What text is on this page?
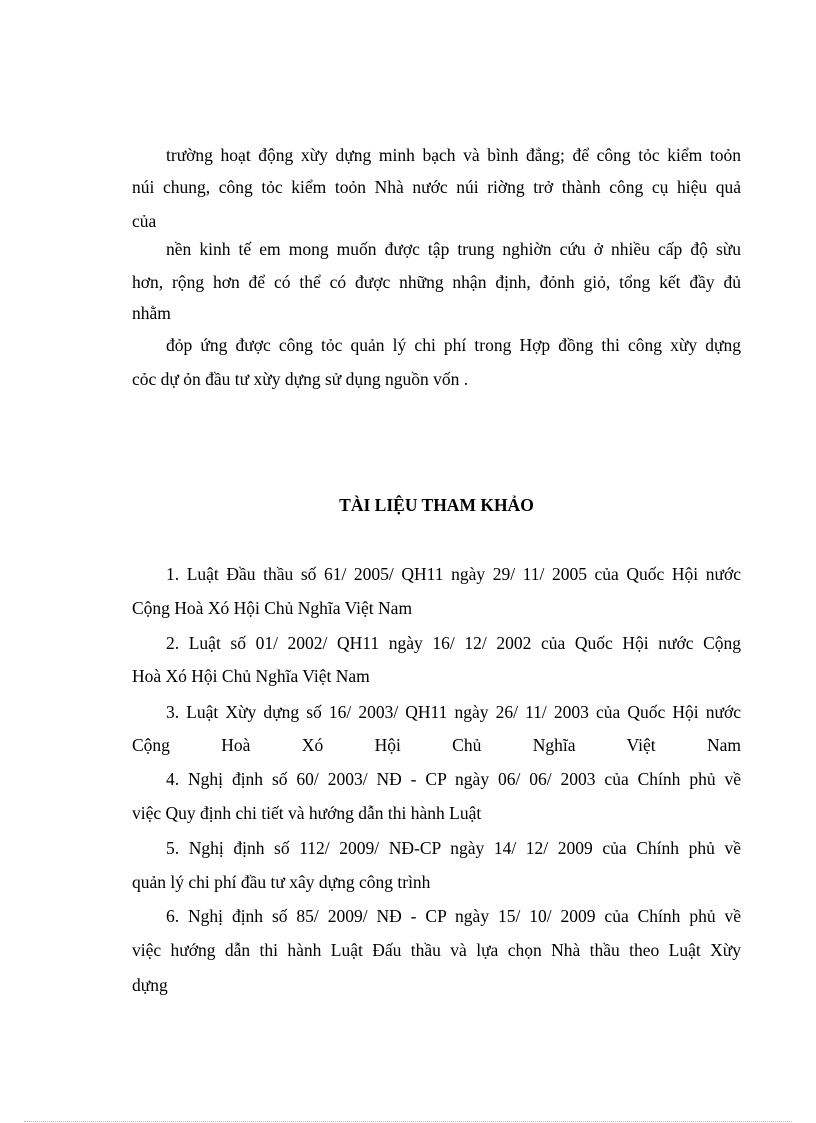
trường hoạt động xừy dựng minh bạch và bình đẳng; để công tỏc kiểm toỏn
núi chung, công tỏc kiểm toỏn Nhà nước núi riờng trở thành công cụ hiệu quả
của
nền kinh tế em mong muốn được tập trung nghiờn cứu ở nhiều cấp độ sừu
hơn, rộng hơn để có thể có được những nhận định, đỏnh giỏ, tổng kết đầy đủ
nhằm
đỏp ứng được công tỏc quản lý chi phí trong Hợp đồng thi công xừy dựng
cỏc dự ỏn đầu tư xừy dựng sử dụng nguồn vốn .
TÀI LIỆU THAM KHẢO
1. Luật Đầu thầu số 61/ 2005/ QH11 ngày 29/ 11/ 2005 của Quốc Hội nước
Cộng Hoà Xó Hội Chủ Nghĩa Việt Nam
2. Luật số 01/ 2002/ QH11 ngày 16/ 12/ 2002 của Quốc Hội nước Cộng
Hoà Xó Hội Chủ Nghĩa Việt Nam
3. Luật Xừy dựng số 16/ 2003/ QH11 ngày 26/ 11/ 2003 của Quốc Hội nước
Cộng Hoà Xó Hội Chủ Nghĩa Việt Nam
4. Nghị định số 60/ 2003/ NĐ - CP ngày 06/ 06/ 2003 của Chính phủ về
việc Quy định chi tiết và hướng dẫn thi hành Luật
5. Nghị định số 112/ 2009/ NĐ-CP ngày 14/ 12/ 2009 của Chính phủ về
quản lý chi phí đầu tư xây dựng công trình
6. Nghị định số 85/ 2009/ NĐ - CP ngày 15/ 10/ 2009 của Chính phủ về
việc hướng dẫn thi hành Luật Đấu thầu và lựa chọn Nhà thầu theo Luật Xừy
dựng
